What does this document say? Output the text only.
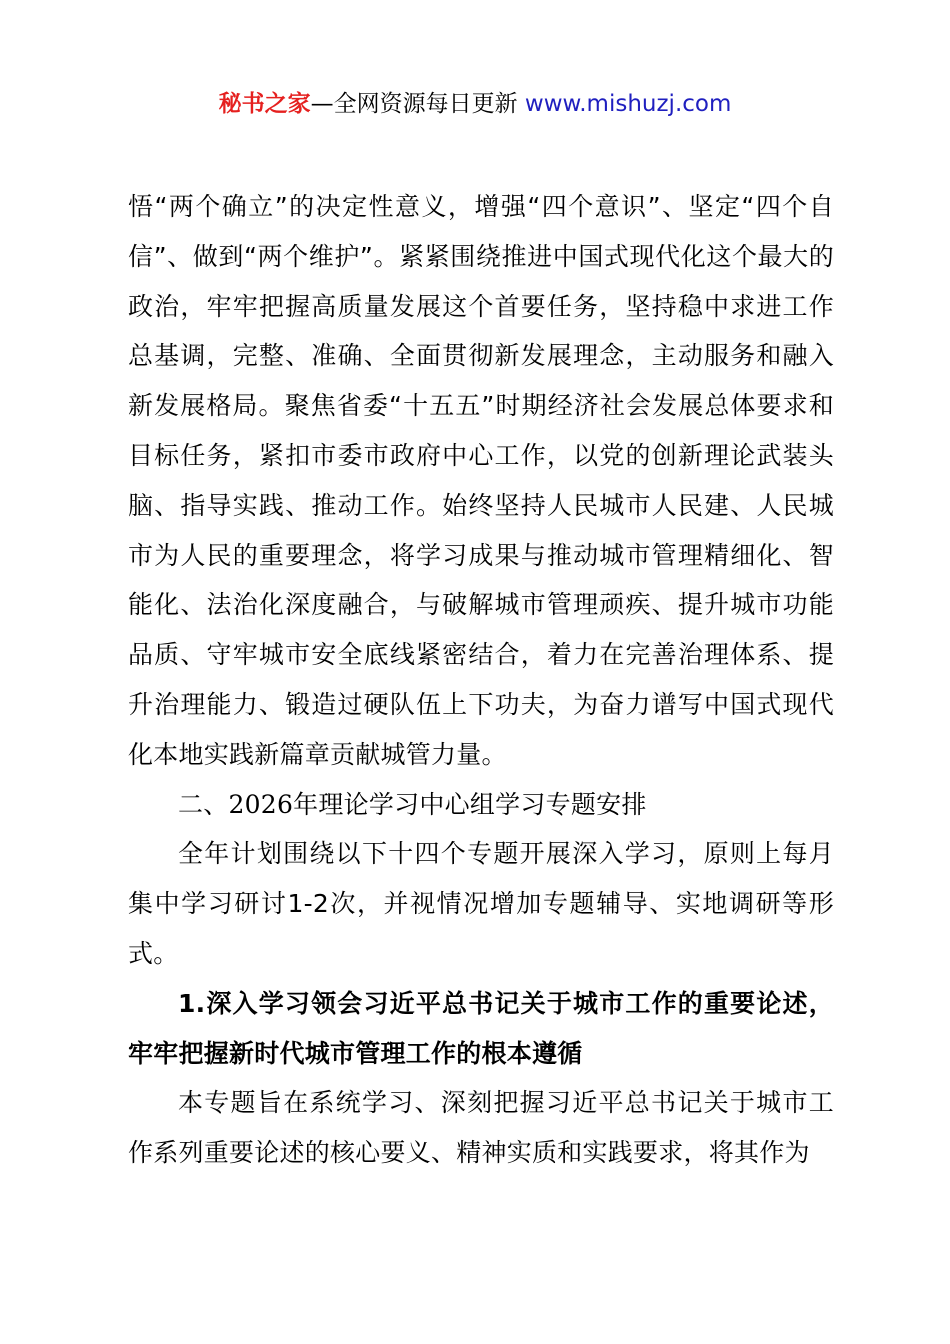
秘书之家—全网资源每日更新 www.mishuzj.com

悟“两个确立”的决定性意义，增强“四个意识”、坚定“四个自信”、做到“两个维护”。紧紧围绕推进中国式现代化这个最大的政治，牢牢把握高质量发展这个首要任务，坚持稳中求进工作总基调，完整、准确、全面贯彻新发展理念，主动服务和融入新发展格局。聚焦省委“十五五”时期经济社会发展总体要求和目标任务，紧扣市委市政府中心工作，以党的创新理论武装头脑、指导实践、推动工作。始终坚持人民城市人民建、人民城市为人民的重要理念，将学习成果与推动城市管理精细化、智能化、法治化深度融合，与破解城市管理顽疾、提升城市功能品质、守牢城市安全底线紧密结合，着力在完善治理体系、提升治理能力、锻造过硬队伍上下功夫，为奋力谱写中国式现代化本地实践新篇章贡献城管力量。

二、2026年理论学习中心组学习专题安排

全年计划围绕以下十四个专题开展深入学习，原则上每月集中学习研讨1-2次，并视情况增加专题辅导、实地调研等形式。

1.深入学习领会习近平总书记关于城市工作的重要论述，牢牢把握新时代城市管理工作的根本遵循

本专题旨在系统学习、深刻把握习近平总书记关于城市工作系列重要论述的核心要义、精神实质和实践要求，将其作为
